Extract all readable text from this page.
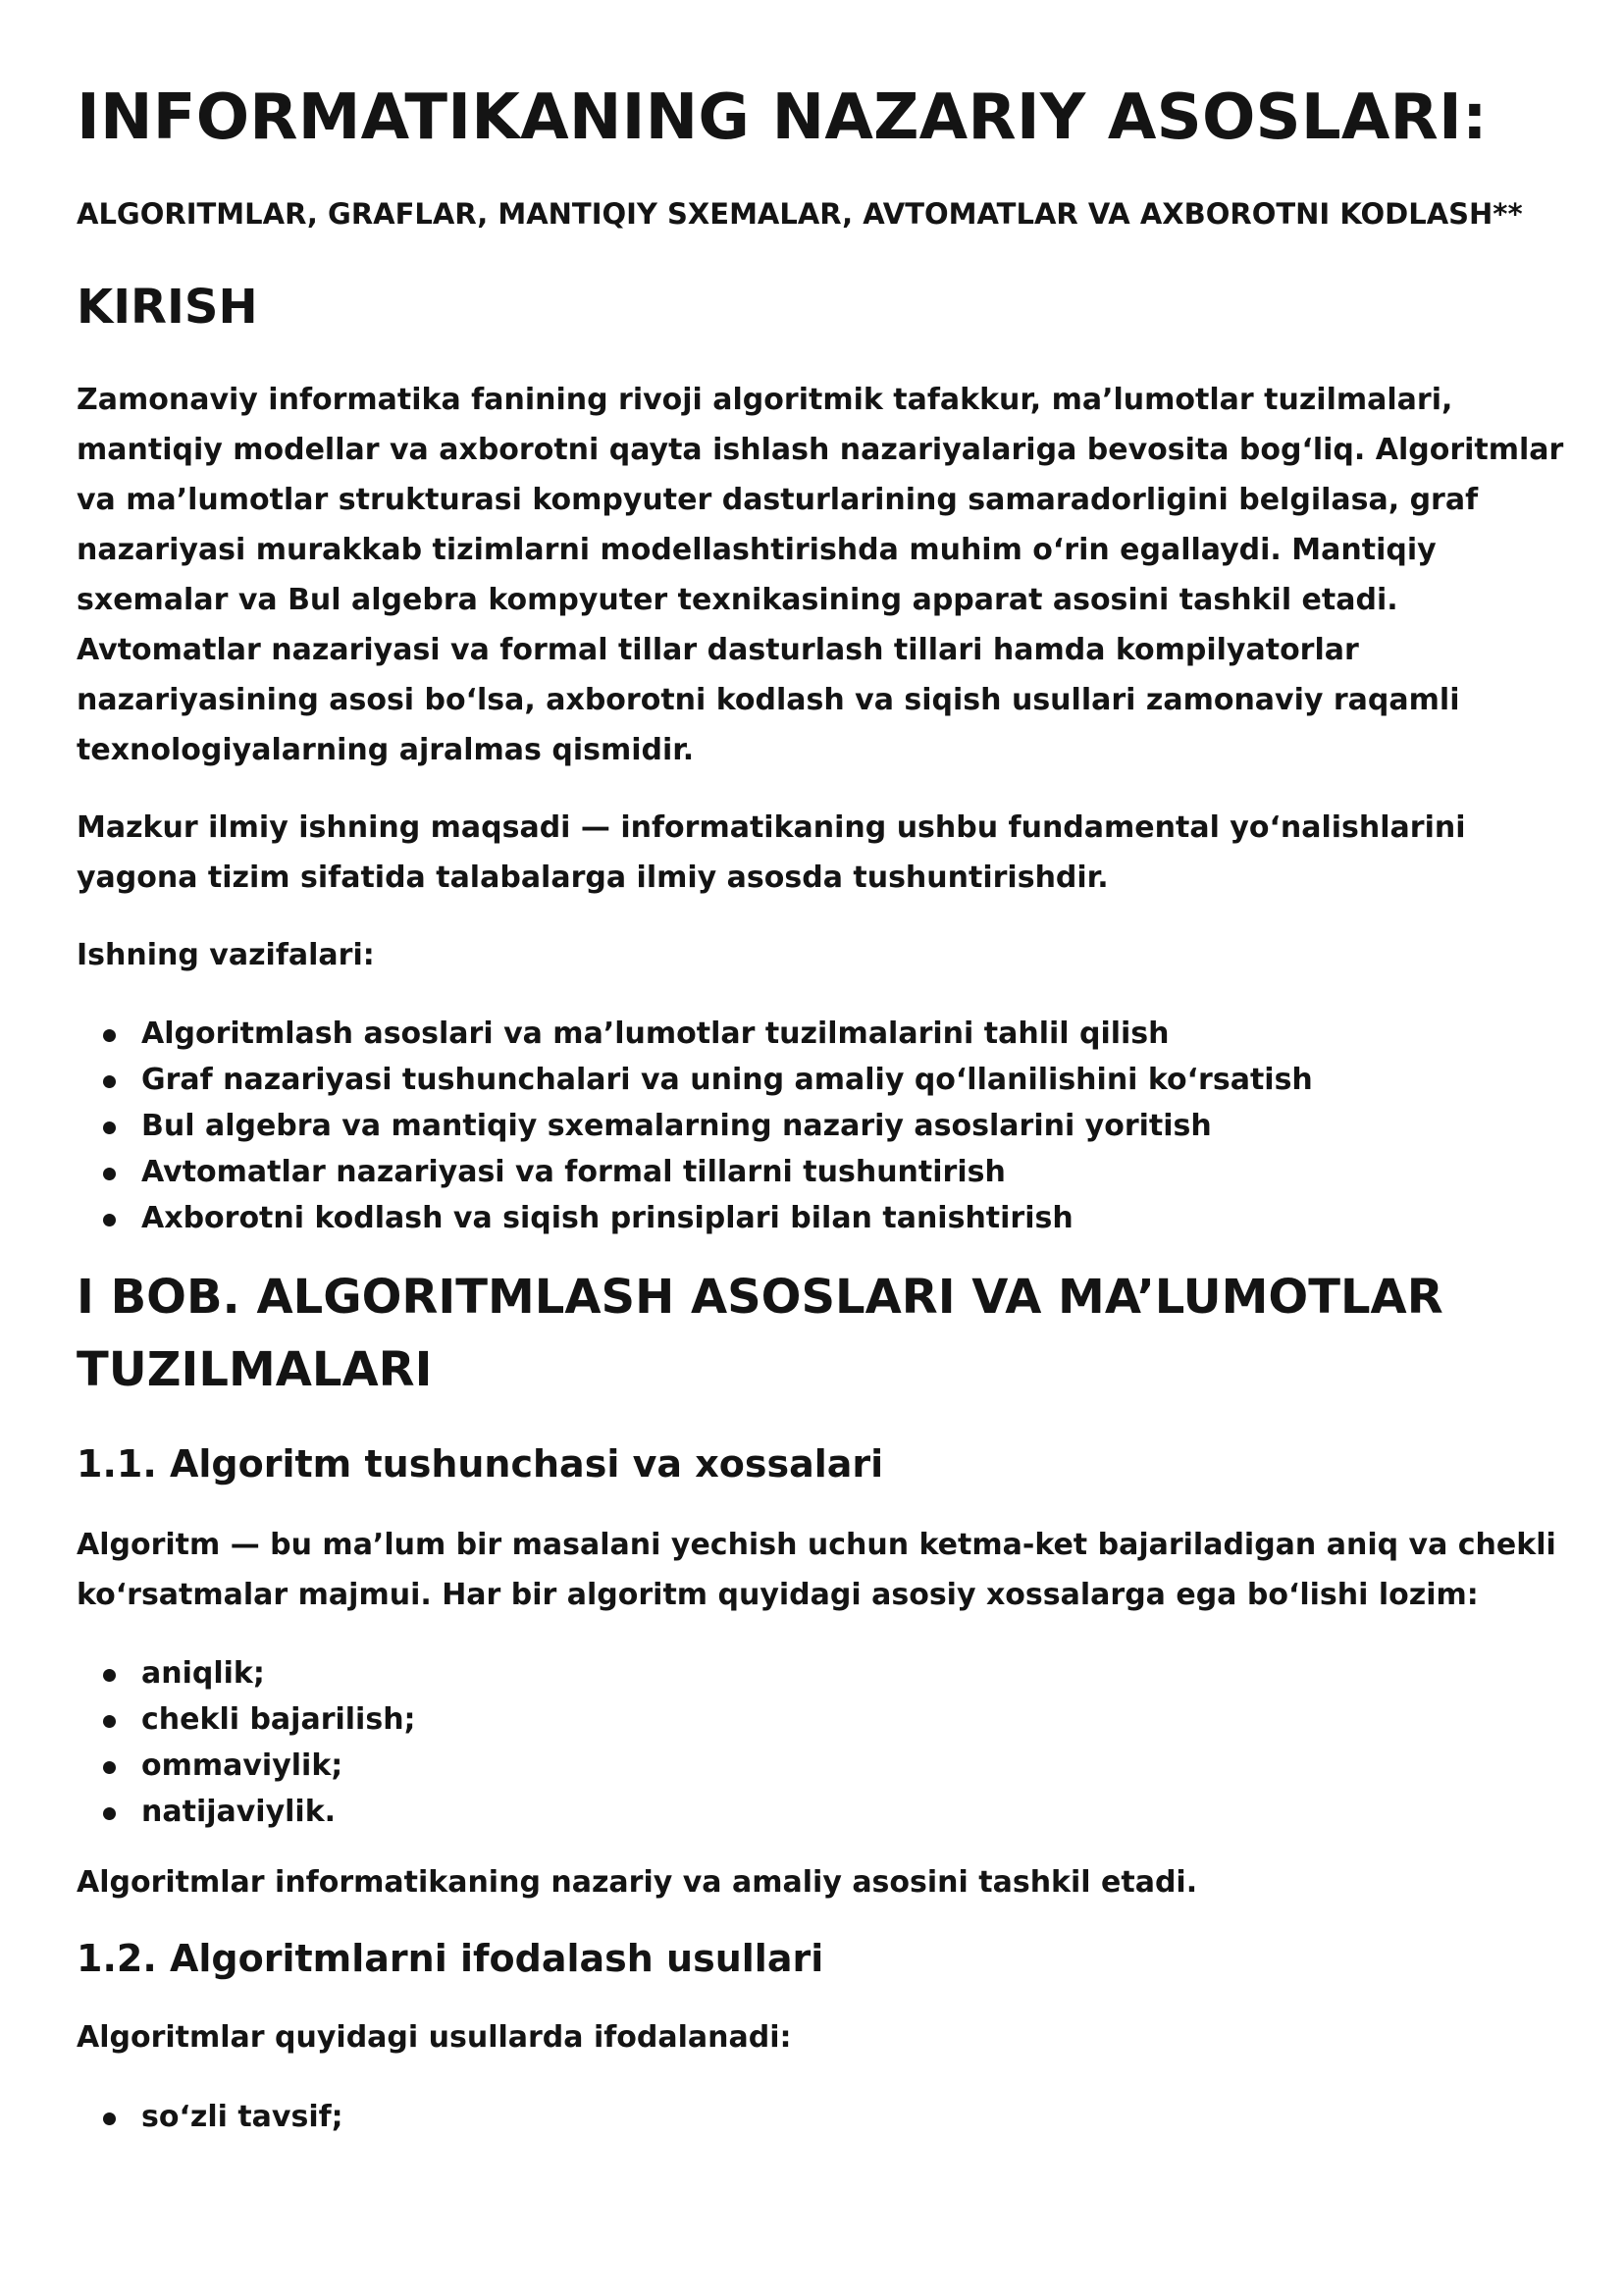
INFORMATIKANING NAZARIY ASOSLARI:

ALGORITMLAR, GRAFLAR, MANTIQIY SXEMALAR, AVTOMATLAR VA AXBOROTNI KODLASH**

KIRISH

Zamonaviy informatika fanining rivoji algoritmik tafakkur, ma’lumotlar tuzilmalari, mantiqiy modellar va axborotni qayta ishlash nazariyalariga bevosita bog‘liq. Algoritmlar va ma’lumotlar strukturasi kompyuter dasturlarining samaradorligini belgilasa, graf nazariyasi murakkab tizimlarni modellashtirishda muhim o‘rin egallaydi. Mantiqiy sxemalar va Bul algebra kompyuter texnikasining apparat asosini tashkil etadi. Avtomatlar nazariyasi va formal tillar dasturlash tillari hamda kompilyatorlar nazariyasining asosi bo‘lsa, axborotni kodlash va siqish usullari zamonaviy raqamli texnologiyalarning ajralmas qismidir.

Mazkur ilmiy ishning maqsadi — informatikaning ushbu fundamental yo‘nalishlarini yagona tizim sifatida talabalarga ilmiy asosda tushuntirishdir.

Ishning vazifalari:

Algoritmlash asoslari va ma’lumotlar tuzilmalarini tahlil qilish
Graf nazariyasi tushunchalari va uning amaliy qo‘llanilishini ko‘rsatish
Bul algebra va mantiqiy sxemalarning nazariy asoslarini yoritish
Avtomatlar nazariyasi va formal tillarni tushuntirish
Axborotni kodlash va siqish prinsiplari bilan tanishtirish
I BOB. ALGORITMLASH ASOSLARI VA MA’LUMOTLAR TUZILMALARI
1.1. Algoritm tushunchasi va xossalari

Algoritm — bu ma’lum bir masalani yechish uchun ketma-ket bajariladigan aniq va chekli ko‘rsatmalar majmui. Har bir algoritm quyidagi asosiy xossalarga ega bo‘lishi lozim:

aniqlik;
chekli bajarilish;
ommaviylik;
natijaviylik.

Algoritmlar informatikaning nazariy va amaliy asosini tashkil etadi.

1.2. Algoritmlarni ifodalash usullari

Algoritmlar quyidagi usullarda ifodalanadi:

so‘zli tavsif;
